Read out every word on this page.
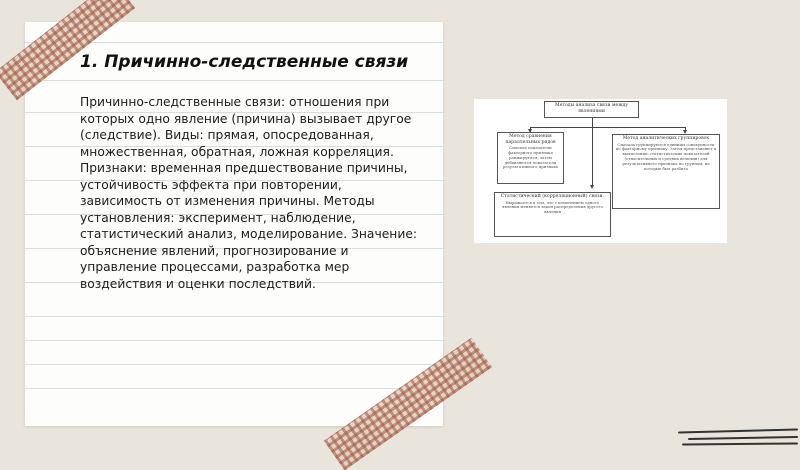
1. Причинно-следственные связи
Причинно-следственные связи: отношения при которых одно явление (причина) вызывает другое (следствие). Виды: прямая, опосредованная, множественная, обратная, ложная корреляция. Признаки: временная предшествование причины, устойчивость эффекта при повторении, зависимость от изменения причины. Методы установления: эксперимент, наблюдение, статистический анализ, моделирование. Значение: объяснение явлений, прогнозирование и управление процессами, разработка мер воздействия и оценки последствий.
Методы анализа связи между явлениями
Метод сравнения параллельных рядов
Сначала показатели факторного признака ранжируются, затем добавляются показатели результативного признака
Статистический (корреляционный) связи.
Выражается в том, что с изменением одного явления меняется закон распределения другого явления
Метод аналитических группировок
Сначала группируются единицы совокупности по факторному признаку. Затем представляют к вычислению статистических показателей (относительных и средних величин) для результативного признака по группам, на которые был разбита
